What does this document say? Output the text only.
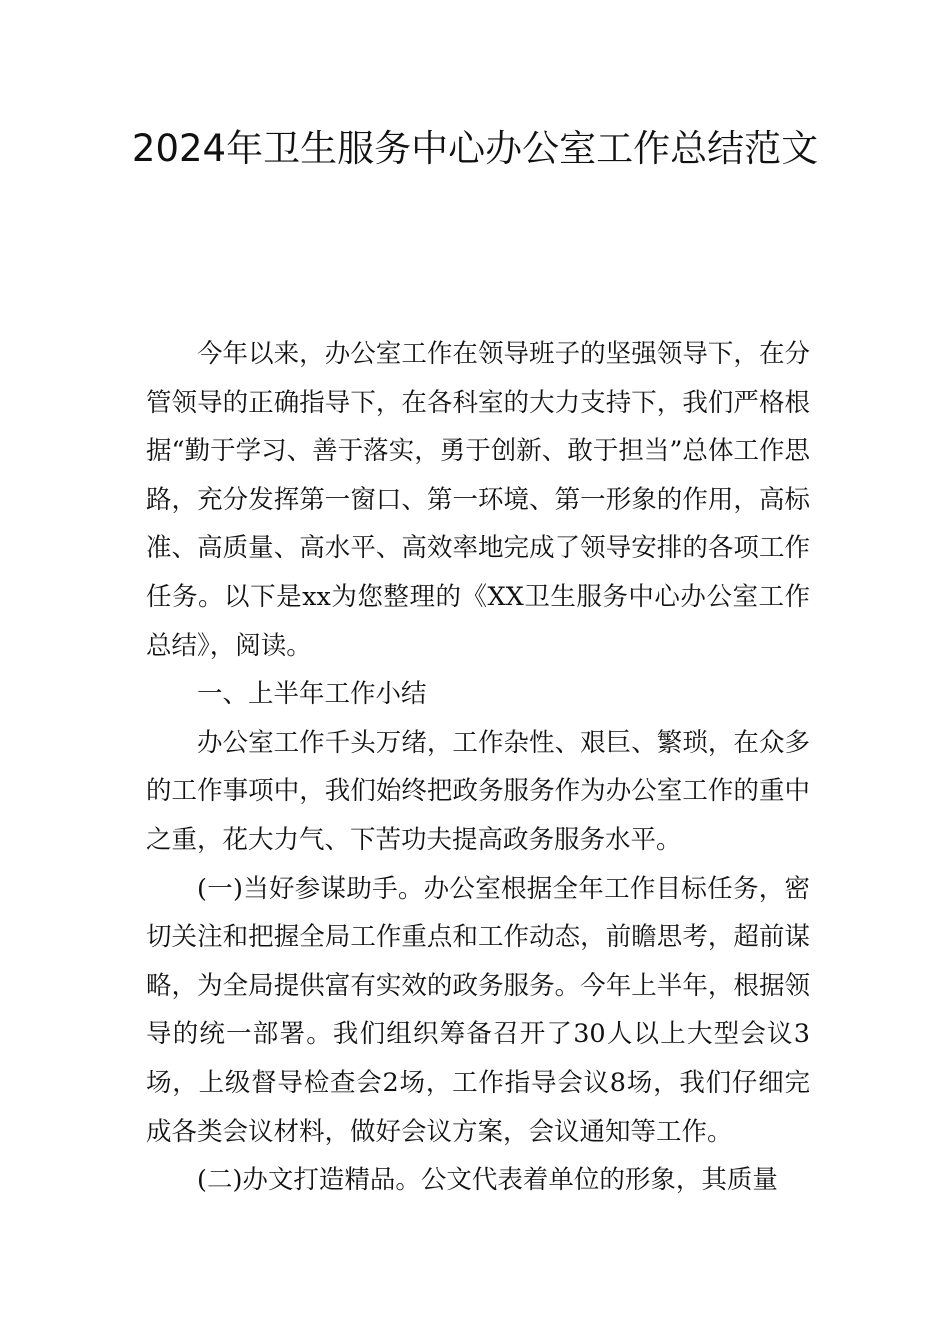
2024年卫生服务中心办公室工作总结范文

今年以来，办公室工作在领导班子的坚强领导下，在分管领导的正确指导下，在各科室的大力支持下，我们严格根据“勤于学习、善于落实，勇于创新、敢于担当”总体工作思路，充分发挥第一窗口、第一环境、第一形象的作用，高标准、高质量、高水平、高效率地完成了领导安排的各项工作任务。以下是xx为您整理的《XX卫生服务中心办公室工作总结》，阅读。

一、上半年工作小结

办公室工作千头万绪，工作杂性、艰巨、繁琐，在众多的工作事项中，我们始终把政务服务作为办公室工作的重中之重，花大力气、下苦功夫提高政务服务水平。

(一)当好参谋助手。办公室根据全年工作目标任务，密切关注和把握全局工作重点和工作动态，前瞻思考，超前谋略，为全局提供富有实效的政务服务。今年上半年，根据领导的统一部署。我们组织筹备召开了30人以上大型会议3场，上级督导检查会2场，工作指导会议8场，我们仔细完成各类会议材料，做好会议方案，会议通知等工作。

(二)办文打造精品。公文代表着单位的形象，其质量
